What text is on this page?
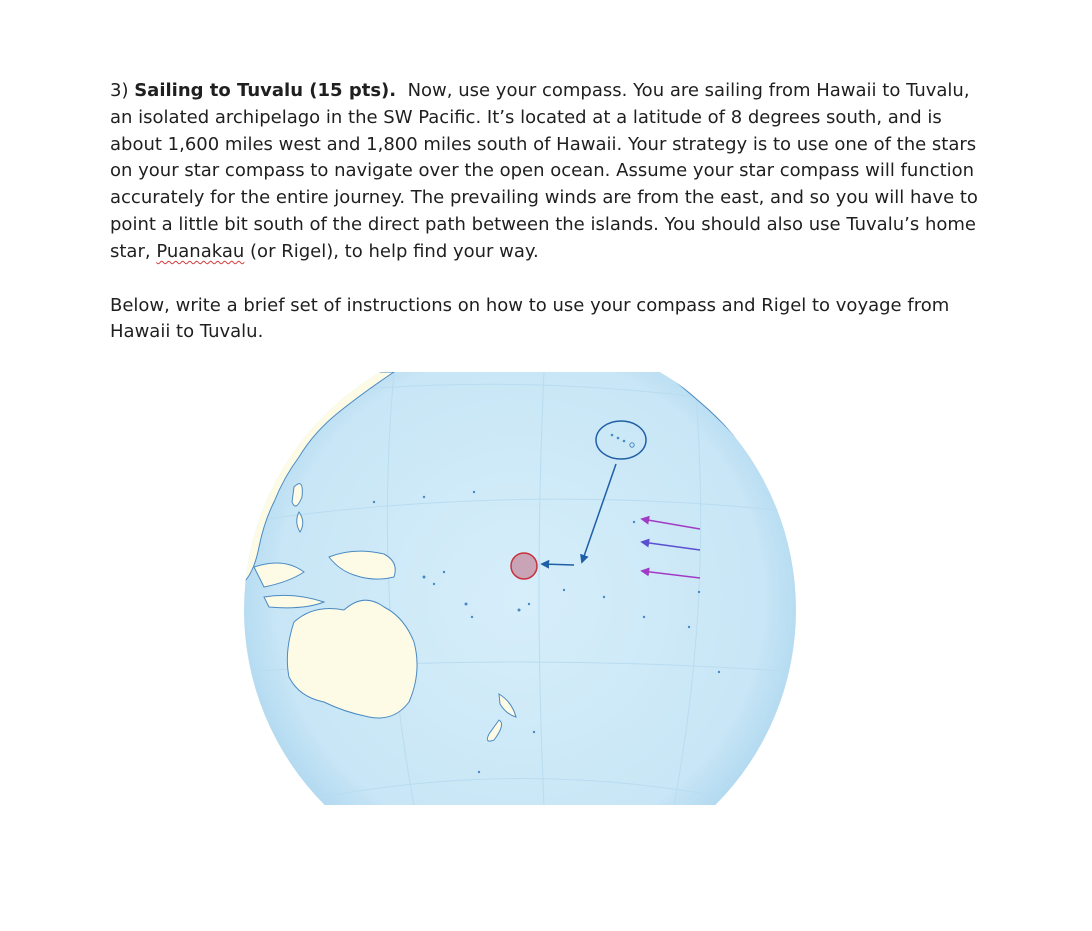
3) Sailing to Tuvalu (15 pts). Now, use your compass. You are sailing from Hawaii to Tuvalu, an isolated archipelago in the SW Pacific. It’s located at a latitude of 8 degrees south, and is about 1,600 miles west and 1,800 miles south of Hawaii. Your strategy is to use one of the stars on your star compass to navigate over the open ocean. Assume your star compass will function accurately for the entire journey. The prevailing winds are from the east, and so you will have to point a little bit south of the direct path between the islands. You should also use Tuvalu’s home star, Puanakau (or Rigel), to help find your way.

Below, write a brief set of instructions on how to use your compass and Rigel to voyage from Hawaii to Tuvalu.
